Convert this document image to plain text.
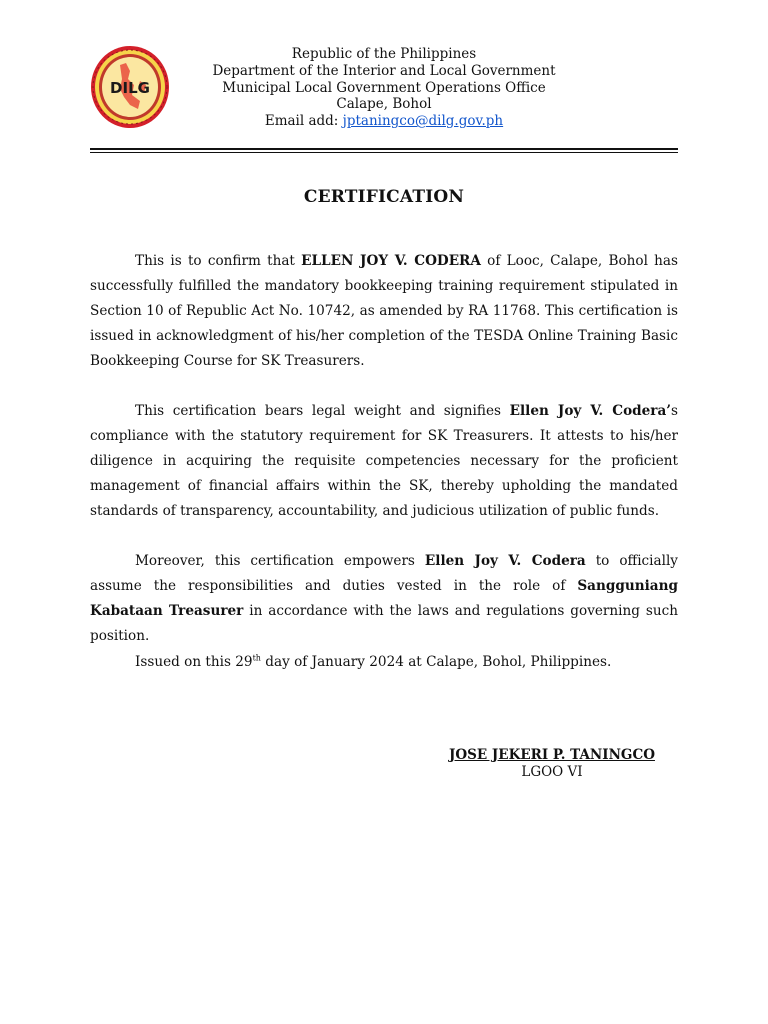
DILG
Republic of the Philippines
Department of the Interior and Local Government
Municipal Local Government Operations Office
Calape, Bohol
Email add: jptaningco@dilg.gov.ph
CERTIFICATION
This is to confirm that ELLEN JOY V. CODERA of Looc, Calape, Bohol has successfully fulfilled the mandatory bookkeeping training requirement stipulated in Section 10 of Republic Act No. 10742, as amended by RA 11768. This certification is issued in acknowledgment of his/her completion of the TESDA Online Training Basic Bookkeeping Course for SK Treasurers.
This certification bears legal weight and signifies Ellen Joy V. Codera’s compliance with the statutory requirement for SK Treasurers. It attests to his/her diligence in acquiring the requisite competencies necessary for the proficient management of financial affairs within the SK, thereby upholding the mandated standards of transparency, accountability, and judicious utilization of public funds.
Moreover, this certification empowers Ellen Joy V. Codera to officially assume the responsibilities and duties vested in the role of Sangguniang Kabataan Treasurer in accordance with the laws and regulations governing such position.
Issued on this 29th day of January 2024 at Calape, Bohol, Philippines.
JOSE JEKERI P. TANINGCO
LGOO VI
